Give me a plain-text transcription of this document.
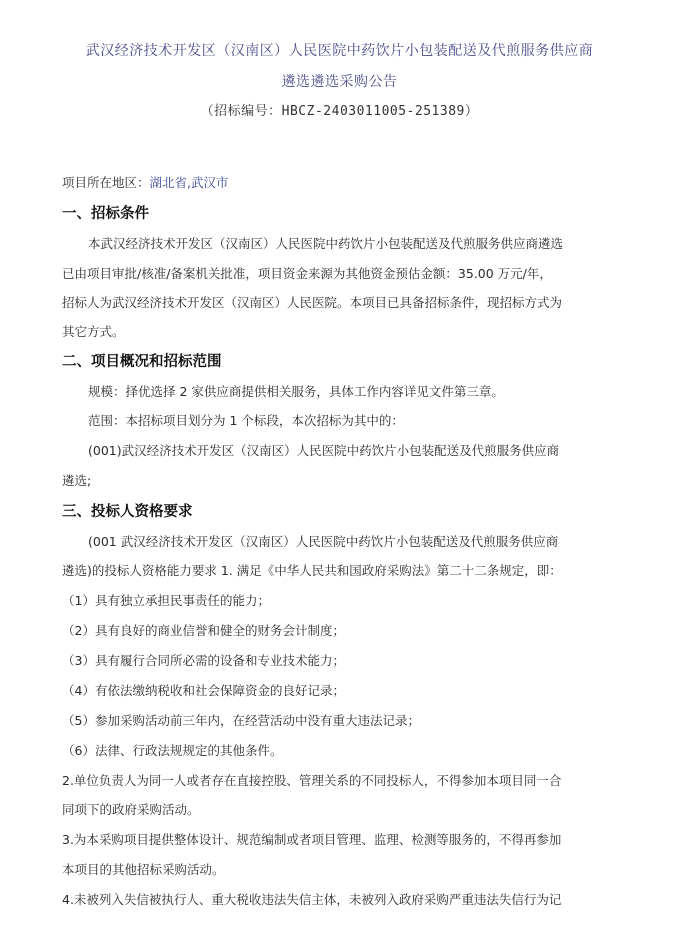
武汉经济技术开发区（汉南区）人民医院中药饮片小包装配送及代煎服务供应商
遴选遴选采购公告
（招标编号：HBCZ-2403011005-251389）
项目所在地区：湖北省,武汉市
一、招标条件
本武汉经济技术开发区（汉南区）人民医院中药饮片小包装配送及代煎服务供应商遴选
已由项目审批/核准/备案机关批准，项目资金来源为其他资金预估金额：35.00 万元/年，
招标人为武汉经济技术开发区（汉南区）人民医院。本项目已具备招标条件，现招标方式为
其它方式。
二、项目概况和招标范围
规模：择优选择 2 家供应商提供相关服务，具体工作内容详见文件第三章。
范围：本招标项目划分为 1 个标段，本次招标为其中的：
(001)武汉经济技术开发区（汉南区）人民医院中药饮片小包装配送及代煎服务供应商
遴选;
三、投标人资格要求
(001 武汉经济技术开发区（汉南区）人民医院中药饮片小包装配送及代煎服务供应商
遴选)的投标人资格能力要求 1. 满足《中华人民共和国政府采购法》第二十二条规定，即：
（1）具有独立承担民事责任的能力；
（2）具有良好的商业信誉和健全的财务会计制度；
（3）具有履行合同所必需的设备和专业技术能力；
（4）有依法缴纳税收和社会保障资金的良好记录；
（5）参加采购活动前三年内，在经营活动中没有重大违法记录；
（6）法律、行政法规规定的其他条件。
2.单位负责人为同一人或者存在直接控股、管理关系的不同投标人，不得参加本项目同一合
同项下的政府采购活动。
3.为本采购项目提供整体设计、规范编制或者项目管理、监理、检测等服务的，不得再参加
本项目的其他招标采购活动。
4.未被列入失信被执行人、重大税收违法失信主体，未被列入政府采购严重违法失信行为记
